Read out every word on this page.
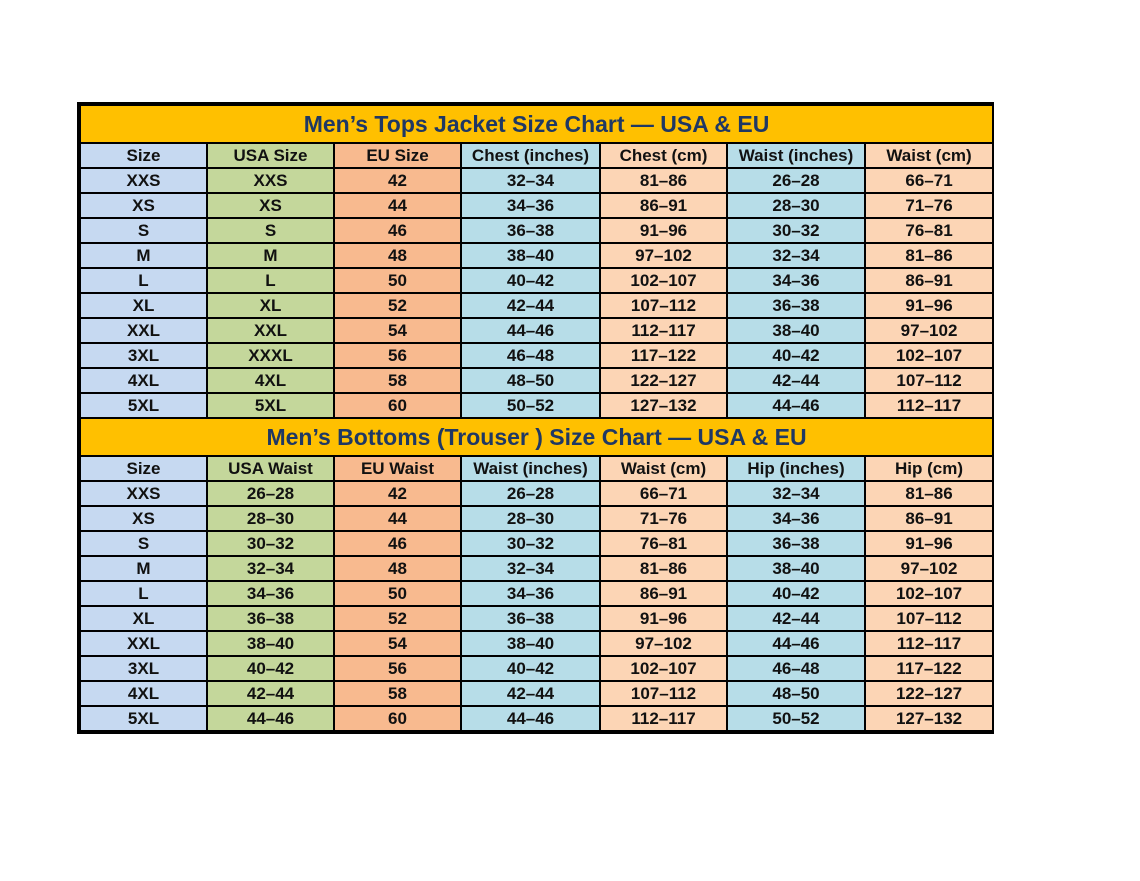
Men’s Tops Jacket Size Chart — USA & EU						
Size	USA Size	EU Size	Chest (inches)	Chest (cm)	Waist (inches)	Waist (cm)
XXS	XXS	42	32–34	81–86	26–28	66–71
XS	XS	44	34–36	86–91	28–30	71–76
S	S	46	36–38	91–96	30–32	76–81
M	M	48	38–40	97–102	32–34	81–86
L	L	50	40–42	102–107	34–36	86–91
XL	XL	52	42–44	107–112	36–38	91–96
XXL	XXL	54	44–46	112–117	38–40	97–102
3XL	XXXL	56	46–48	117–122	40–42	102–107
4XL	4XL	58	48–50	122–127	42–44	107–112
5XL	5XL	60	50–52	127–132	44–46	112–117
Men’s Bottoms (Trouser ) Size Chart — USA & EU						
Size	USA Waist	EU Waist	Waist (inches)	Waist (cm)	Hip (inches)	Hip (cm)
XXS	26–28	42	26–28	66–71	32–34	81–86
XS	28–30	44	28–30	71–76	34–36	86–91
S	30–32	46	30–32	76–81	36–38	91–96
M	32–34	48	32–34	81–86	38–40	97–102
L	34–36	50	34–36	86–91	40–42	102–107
XL	36–38	52	36–38	91–96	42–44	107–112
XXL	38–40	54	38–40	97–102	44–46	112–117
3XL	40–42	56	40–42	102–107	46–48	117–122
4XL	42–44	58	42–44	107–112	48–50	122–127
5XL	44–46	60	44–46	112–117	50–52	127–132
